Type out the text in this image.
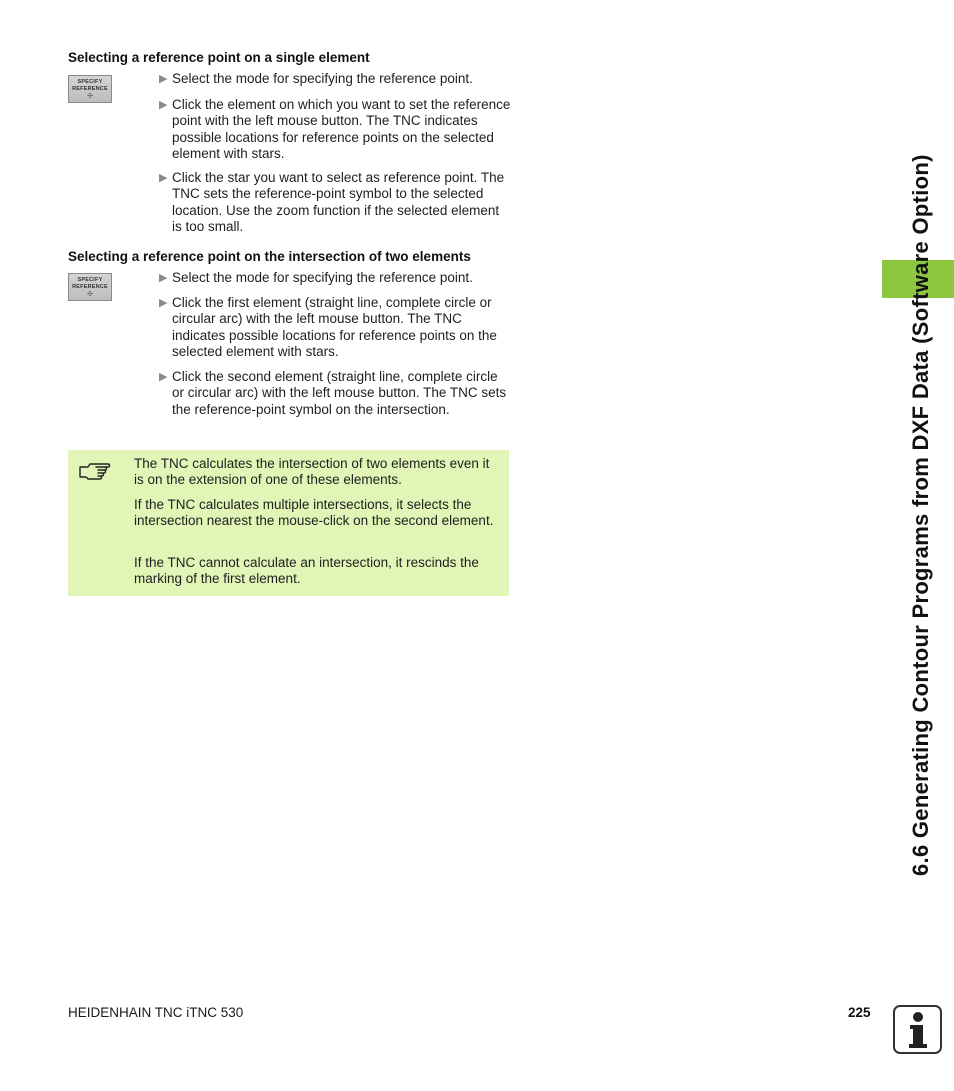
Selecting a reference point on a single element
SPECIFY
REFERENCE
✣
▶ Select the mode for specifying the reference point.
▶ Click the element on which you want to set the reference point with the left mouse button. The TNC indicates possible locations for reference points on the selected element with stars.
▶ Click the star you want to select as reference point. The TNC sets the reference-point symbol to the selected location. Use the zoom function if the selected element is too small.
Selecting a reference point on the intersection of two elements
SPECIFY
REFERENCE
✣
▶ Select the mode for specifying the reference point.
▶ Click the first element (straight line, complete circle or circular arc) with the left mouse button. The TNC indicates possible locations for reference points on the selected element with stars.
▶ Click the second element (straight line, complete circle or circular arc) with the left mouse button. The TNC sets the reference-point symbol on the intersection.
The TNC calculates the intersection of two elements even it is on the extension of one of these elements.
If the TNC calculates multiple intersections, it selects the intersection nearest the mouse-click on the second element.
If the TNC cannot calculate an intersection, it rescinds the marking of the first element.	6.6 Generating Contour Programs from DXF Data (Software Option)
HEIDENHAIN TNC iTNC 530	225
